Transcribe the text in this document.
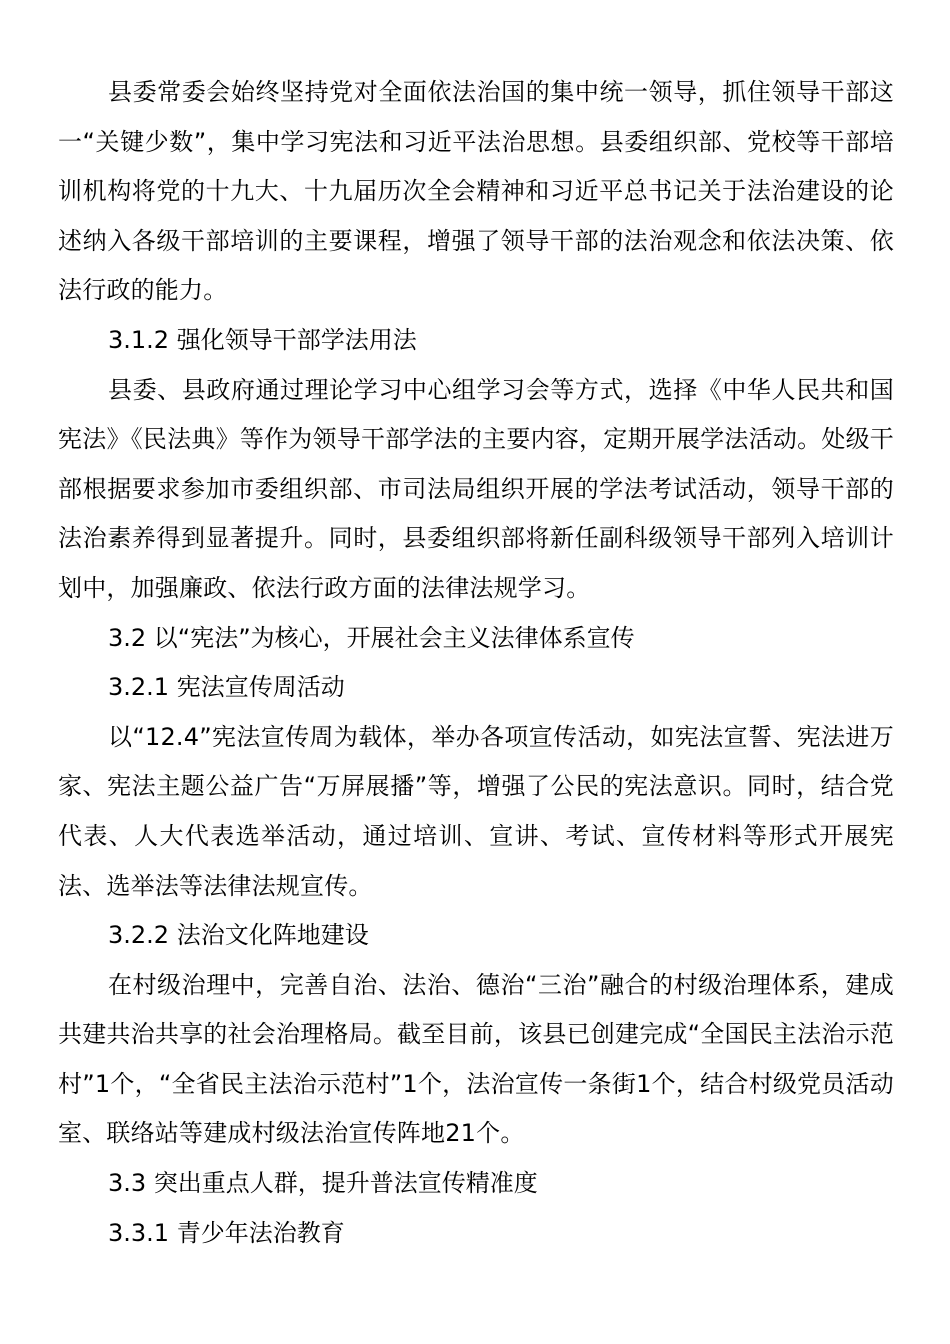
县委常委会始终坚持党对全面依法治国的集中统一领导，抓住领导干部这一“关键少数”，集中学习宪法和习近平法治思想。县委组织部、党校等干部培训机构将党的十九大、十九届历次全会精神和习近平总书记关于法治建设的论述纳入各级干部培训的主要课程，增强了领导干部的法治观念和依法决策、依法行政的能力。

3.1.2 强化领导干部学法用法

县委、县政府通过理论学习中心组学习会等方式，选择《中华人民共和国宪法》《民法典》等作为领导干部学法的主要内容，定期开展学法活动。处级干部根据要求参加市委组织部、市司法局组织开展的学法考试活动，领导干部的法治素养得到显著提升。同时，县委组织部将新任副科级领导干部列入培训计划中，加强廉政、依法行政方面的法律法规学习。

3.2 以“宪法”为核心，开展社会主义法律体系宣传

3.2.1 宪法宣传周活动

以“12.4”宪法宣传周为载体，举办各项宣传活动，如宪法宣誓、宪法进万家、宪法主题公益广告“万屏展播”等，增强了公民的宪法意识。同时，结合党代表、人大代表选举活动，通过培训、宣讲、考试、宣传材料等形式开展宪法、选举法等法律法规宣传。

3.2.2 法治文化阵地建设

在村级治理中，完善自治、法治、德治“三治”融合的村级治理体系，建成共建共治共享的社会治理格局。截至目前，该县已创建完成“全国民主法治示范村”1个，“全省民主法治示范村”1个，法治宣传一条街1个，结合村级党员活动室、联络站等建成村级法治宣传阵地21个。

3.3 突出重点人群，提升普法宣传精准度

3.3.1 青少年法治教育
